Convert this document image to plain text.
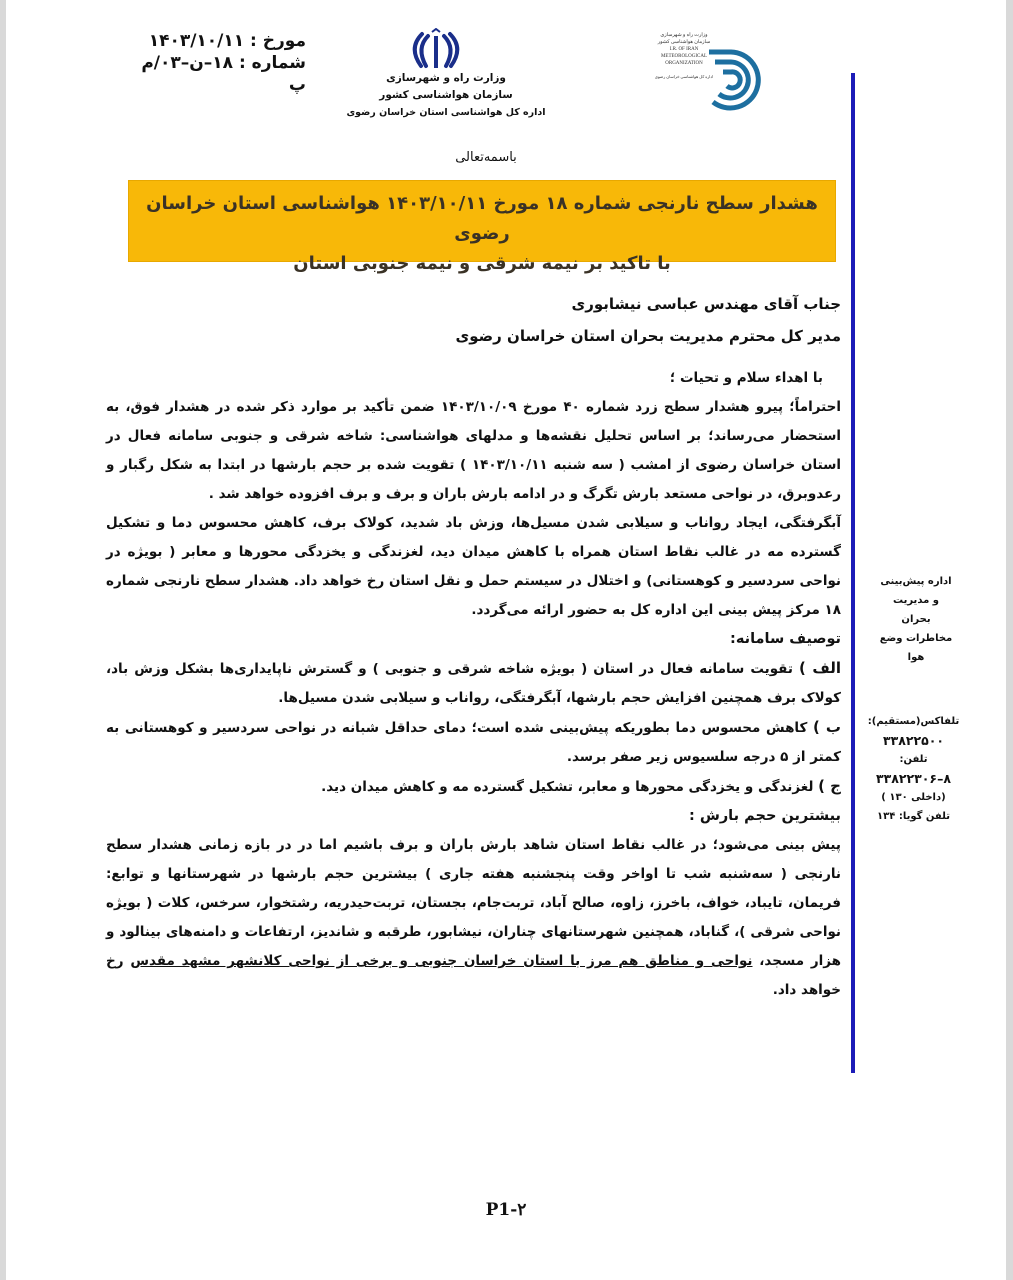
مورخ : ۱۴۰۳/۱۰/۱۱
شماره : ۱۸–ن–۰۳/م پ	وزارت راه و شهرسازی
سازمان هواشناسی کشور
اداره کل هواشناسی استان خراسان رضوی
وزارت راه و شهرسازی
سازمان هواشناسی کشور
I.R. OF IRAN
METEOROLOGICAL
ORGANIZATION
اداره کل هواشناسی خراسان رضوی
باسمه‌تعالی
هشدار سطح نارنجی شماره ۱۸ مورخ ۱۴۰۳/۱۰/۱۱ هواشناسی استان خراسان رضوی
با تاکید بر نیمه شرقی و نیمه جنوبی استان
اداره پیش‌بینی
و مدیریت
بحران
مخاطرات وضع
هوا
تلفاکس(مستقیم):
۳۳۸۲۲۵۰۰
تلفن:
۸–۳۳۸۲۲۳۰۶
(داخلی ۱۳۰ )
تلفن گویا: ۱۳۴
جناب آقای مهندس عباسی نیشابوری
مدیر کل محترم مدیریت بحران استان خراسان رضوی
با اهداء سلام و تحیات ؛

احتراماً؛ پیرو هشدار سطح زرد شماره ۴۰ مورخ ۱۴۰۳/۱۰/۰۹ ضمن تأکید بر موارد ذکر شده در هشدار فوق، به استحضار می‌رساند؛ بر اساس تحلیل نقشه‌ها و مدلهای هواشناسی: شاخه شرقی و جنوبی سامانه فعال در استان خراسان رضوی از امشب ( سه شنبه ۱۴۰۳/۱۰/۱۱ ) تقویت شده بر حجم بارشها در ابتدا به شکل رگبار و رعدوبرق، در نواحی مستعد بارش تگرگ و در ادامه بارش باران و برف و برف افزوده خواهد شد .

آبگرفتگی، ایجاد رواناب و سیلابی شدن مسیل‌ها، وزش باد شدید، کولاک برف، کاهش محسوس دما و تشکیل گسترده مه در غالب نقاط استان همراه با کاهش میدان دید، لغزندگی و یخزدگی محورها و معابر ( بویژه در نواحی سردسیر و کوهستانی) و اختلال در سیستم حمل و نقل استان رخ خواهد داد. هشدار سطح نارنجی شماره ۱۸ مرکز پیش بینی این اداره کل به حضور ارائه می‌گردد.

توصیف سامانه:

الف ) تقویت سامانه فعال در استان ( بویژه شاخه شرقی و جنوبی ) و گسترش ناپایداری‌ها بشکل وزش باد، کولاک برف همچنین افزایش حجم بارشها، آبگرفتگی، رواناب و سیلابی شدن مسیل‌ها.

ب ) کاهش محسوس دما بطوریکه پیش‌بینی شده است؛ دمای حداقل شبانه در نواحی سردسیر و کوهستانی به کمتر از ۵ درجه سلسیوس زیر صفر برسد.

ج ) لغزندگی و یخزدگی محورها و معابر، تشکیل گسترده مه و کاهش میدان دید.

بیشترین حجم بارش :

پیش بینی می‌شود؛ در غالب نقاط استان شاهد بارش باران و برف باشیم اما در در بازه زمانی هشدار سطح نارنجی ( سه‌شنبه شب تا اواخر وقت پنجشنبه هفته جاری ) بیشترین حجم بارشها در شهرستانها و توابع: فریمان، تایباد، خواف، باخرز، زاوه، صالح آباد، تربت‌جام، بجستان، تربت‌حیدریه، رشتخوار، سرخس، کلات ( بویژه نواحی شرقی )، گناباد، همچنین شهرستانهای چناران، نیشابور، طرقبه و شاندیز، ارتفاعات و دامنه‌های بینالود و هزار مسجد، نواحی و مناطق هم مرز با استان خراسان جنوبی و برخی از نواحی کلانشهر مشهد مقدس رخ خواهد داد.

P1-۲
